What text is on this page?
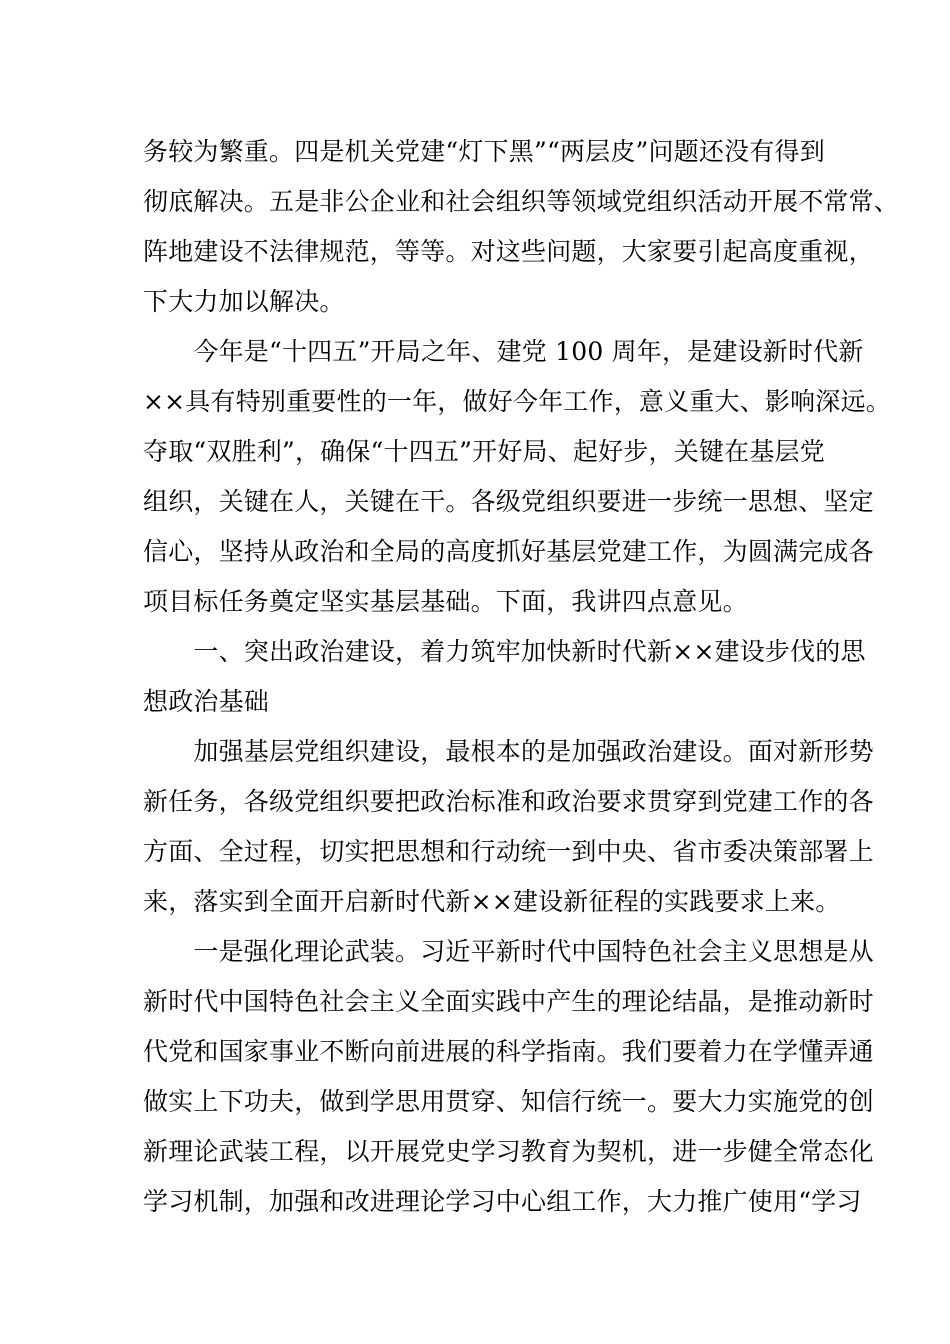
务较为繁重。四是机关党建“灯下黑”“两层皮”问题还没有得到
彻底解决。五是非公企业和社会组织等领域党组织活动开展不常常、
阵地建设不法律规范，等等。对这些问题，大家要引起高度重视，
下大力加以解决。
　　今年是“十四五”开局之年、建党 100 周年，是建设新时代新
××具有特别重要性的一年，做好今年工作，意义重大、影响深远。
夺取“双胜利”，确保“十四五”开好局、起好步，关键在基层党
组织，关键在人，关键在干。各级党组织要进一步统一思想、坚定
信心，坚持从政治和全局的高度抓好基层党建工作，为圆满完成各
项目标任务奠定坚实基层基础。下面，我讲四点意见。
　　一、突出政治建设，着力筑牢加快新时代新××建设步伐的思
想政治基础
　　加强基层党组织建设，最根本的是加强政治建设。面对新形势
新任务，各级党组织要把政治标准和政治要求贯穿到党建工作的各
方面、全过程，切实把思想和行动统一到中央、省市委决策部署上
来，落实到全面开启新时代新××建设新征程的实践要求上来。
　　一是强化理论武装。习近平新时代中国特色社会主义思想是从
新时代中国特色社会主义全面实践中产生的理论结晶，是推动新时
代党和国家事业不断向前进展的科学指南。我们要着力在学懂弄通
做实上下功夫，做到学思用贯穿、知信行统一。要大力实施党的创
新理论武装工程，以开展党史学习教育为契机，进一步健全常态化
学习机制，加强和改进理论学习中心组工作，大力推广使用“学习
